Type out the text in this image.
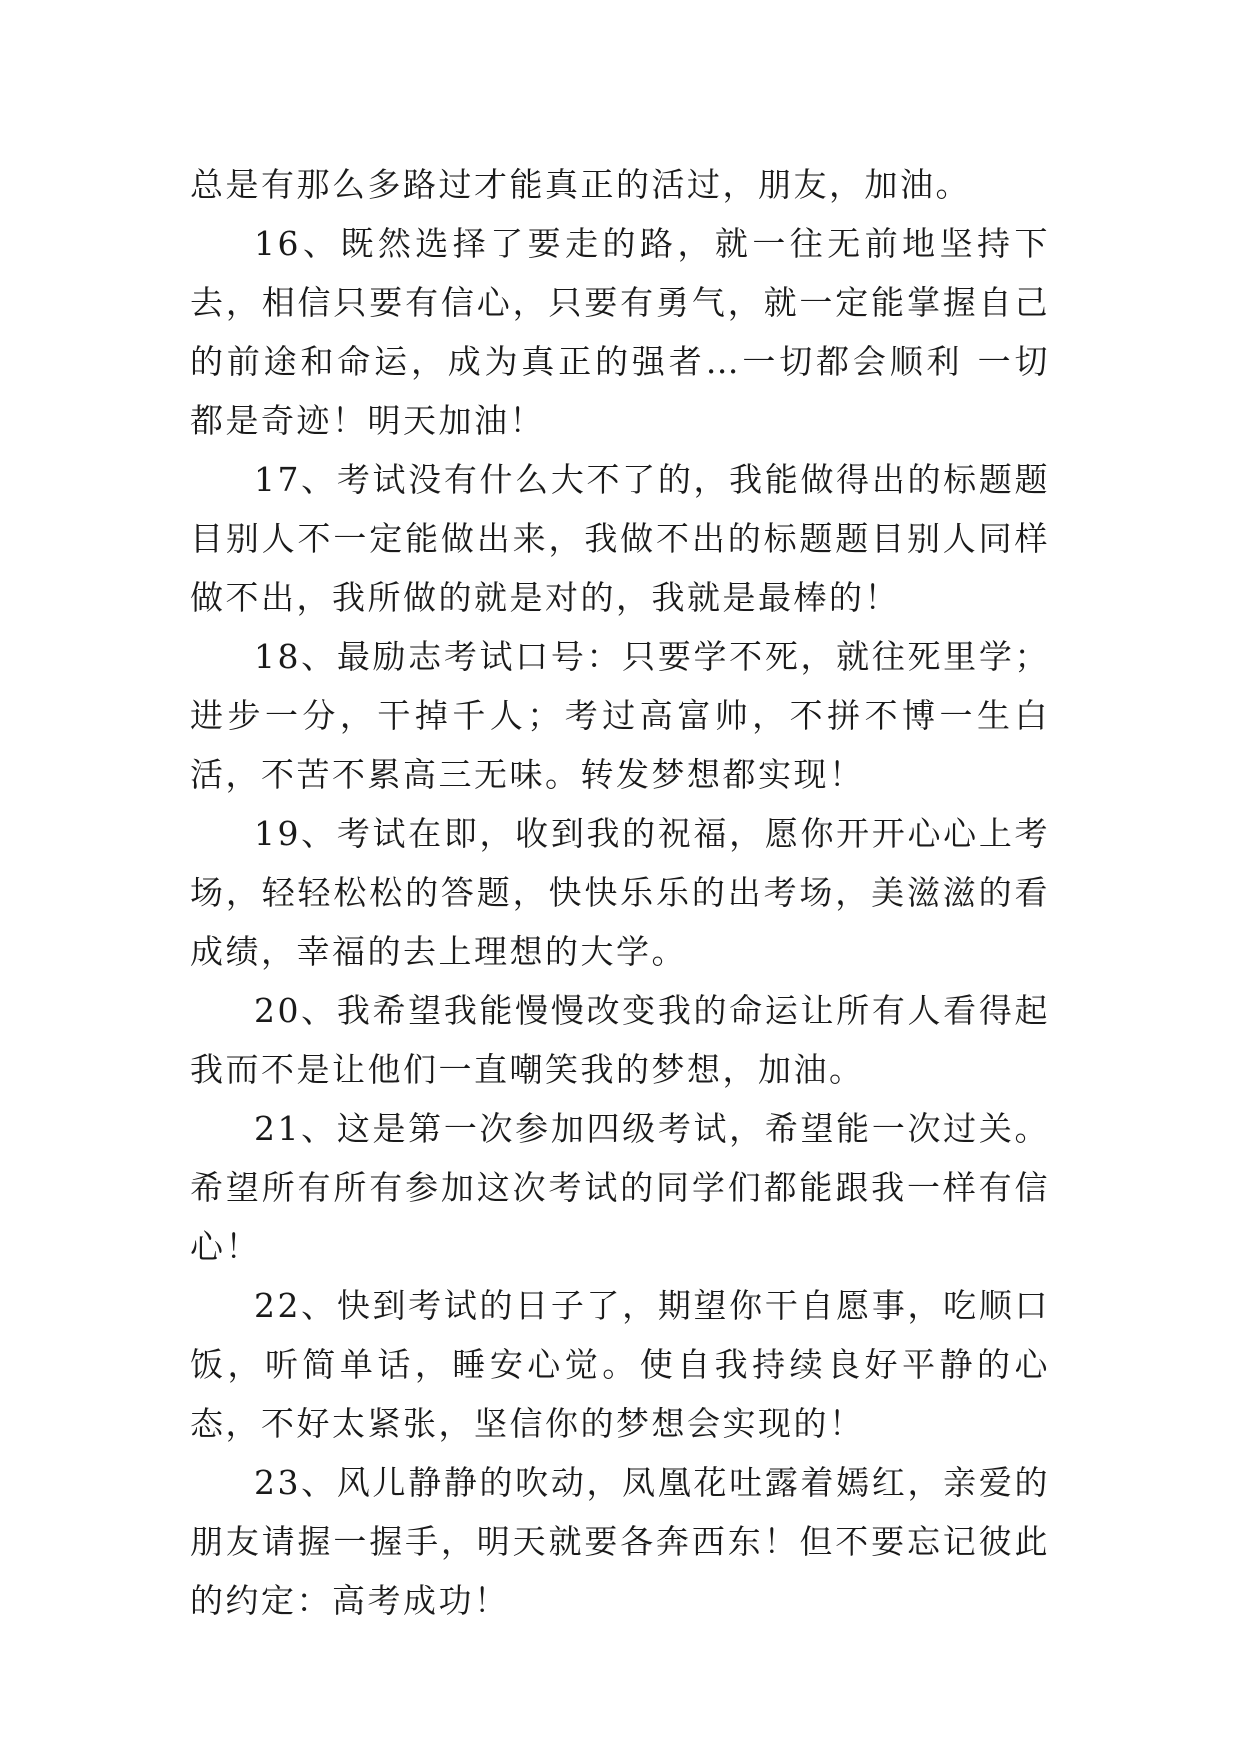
总是有那么多路过才能真正的活过，朋友，加油。

16、既然选择了要走的路，就一往无前地坚持下去，相信只要有信心，只要有勇气，就一定能掌握自己的前途和命运，成为真正的强者…一切都会顺利 一切都是奇迹！明天加油！

17、考试没有什么大不了的，我能做得出的标题题目别人不一定能做出来，我做不出的标题题目别人同样做不出，我所做的就是对的，我就是最棒的！

18、最励志考试口号：只要学不死，就往死里学；进步一分，干掉千人；考过高富帅，不拼不博一生白活，不苦不累高三无味。转发梦想都实现！

19、考试在即，收到我的祝福，愿你开开心心上考场，轻轻松松的答题，快快乐乐的出考场，美滋滋的看成绩，幸福的去上理想的大学。

20、我希望我能慢慢改变我的命运让所有人看得起我而不是让他们一直嘲笑我的梦想，加油。

21、这是第一次参加四级考试，希望能一次过关。希望所有所有参加这次考试的同学们都能跟我一样有信心！

22、快到考试的日子了，期望你干自愿事，吃顺口饭，听简单话，睡安心觉。使自我持续良好平静的心态，不好太紧张，坚信你的梦想会实现的！

23、风儿静静的吹动，凤凰花吐露着嫣红，亲爱的朋友请握一握手，明天就要各奔西东！但不要忘记彼此的约定：高考成功！
